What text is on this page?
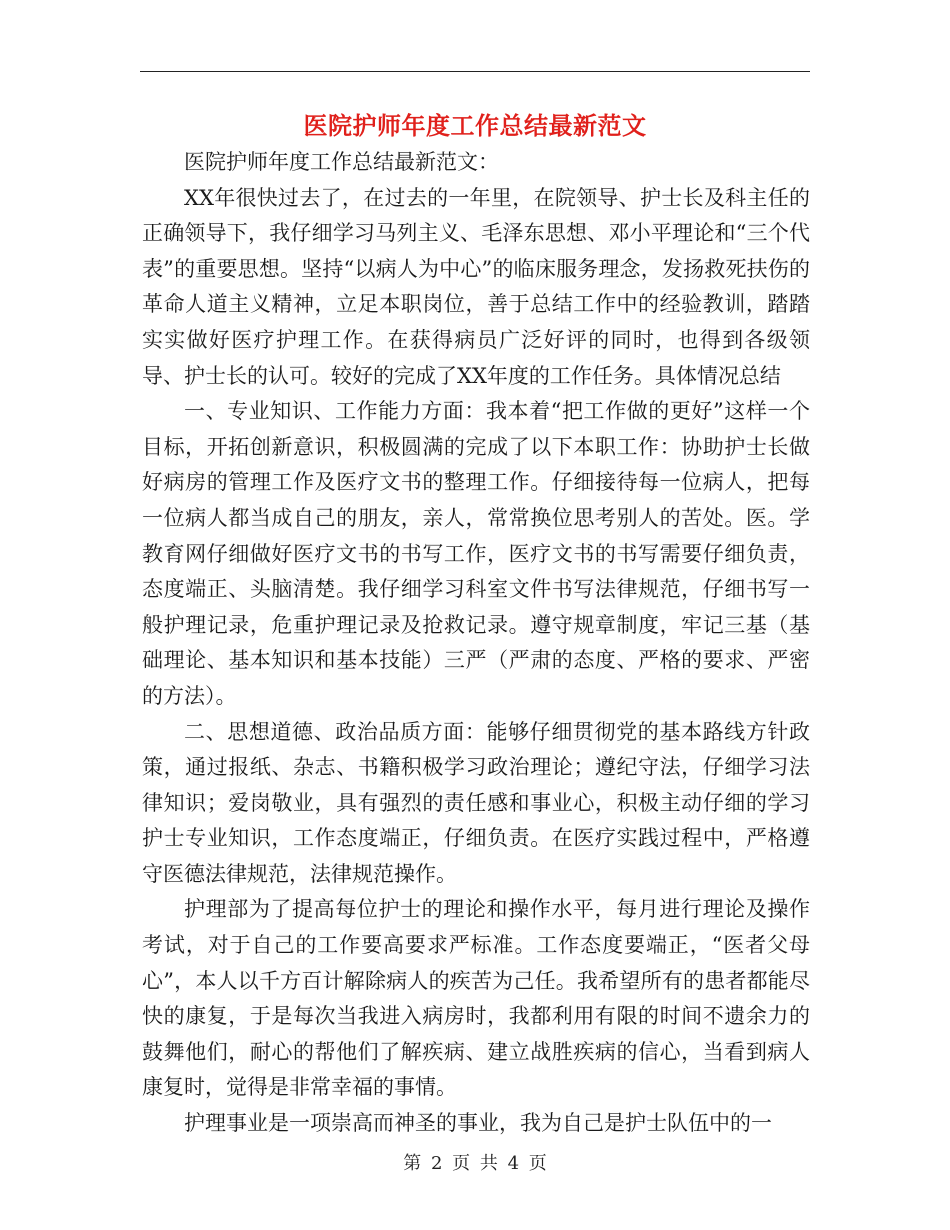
医院护师年度工作总结最新范文

医院护师年度工作总结最新范文：

XX年很快过去了，在过去的一年里，在院领导、护士长及科主任的正确领导下，我仔细学习马列主义、毛泽东思想、邓小平理论和“三个代表”的重要思想。坚持“以病人为中心”的临床服务理念，发扬救死扶伤的革命人道主义精神，立足本职岗位，善于总结工作中的经验教训，踏踏实实做好医疗护理工作。在获得病员广泛好评的同时，也得到各级领导、护士长的认可。较好的完成了XX年度的工作任务。具体情况总结

一、专业知识、工作能力方面：我本着“把工作做的更好”这样一个目标，开拓创新意识，积极圆满的完成了以下本职工作：协助护士长做好病房的管理工作及医疗文书的整理工作。仔细接待每一位病人，把每一位病人都当成自己的朋友，亲人，常常换位思考别人的苦处。医。学教育网仔细做好医疗文书的书写工作，医疗文书的书写需要仔细负责，态度端正、头脑清楚。我仔细学习科室文件书写法律规范，仔细书写一般护理记录，危重护理记录及抢救记录。遵守规章制度，牢记三基（基础理论、基本知识和基本技能）三严（严肃的态度、严格的要求、严密的方法）。

二、思想道德、政治品质方面：能够仔细贯彻党的基本路线方针政策，通过报纸、杂志、书籍积极学习政治理论；遵纪守法，仔细学习法律知识；爱岗敬业，具有强烈的责任感和事业心，积极主动仔细的学习护士专业知识，工作态度端正，仔细负责。在医疗实践过程中，严格遵守医德法律规范，法律规范操作。

护理部为了提高每位护士的理论和操作水平，每月进行理论及操作考试，对于自己的工作要高要求严标准。工作态度要端正，“医者父母心”，本人以千方百计解除病人的疾苦为己任。我希望所有的患者都能尽快的康复，于是每次当我进入病房时，我都利用有限的时间不遗余力的鼓舞他们，耐心的帮他们了解疾病、建立战胜疾病的信心，当看到病人康复时，觉得是非常幸福的事情。

护理事业是一项崇高而神圣的事业，我为自己是护士队伍中的一

第 2 页 共 4 页
